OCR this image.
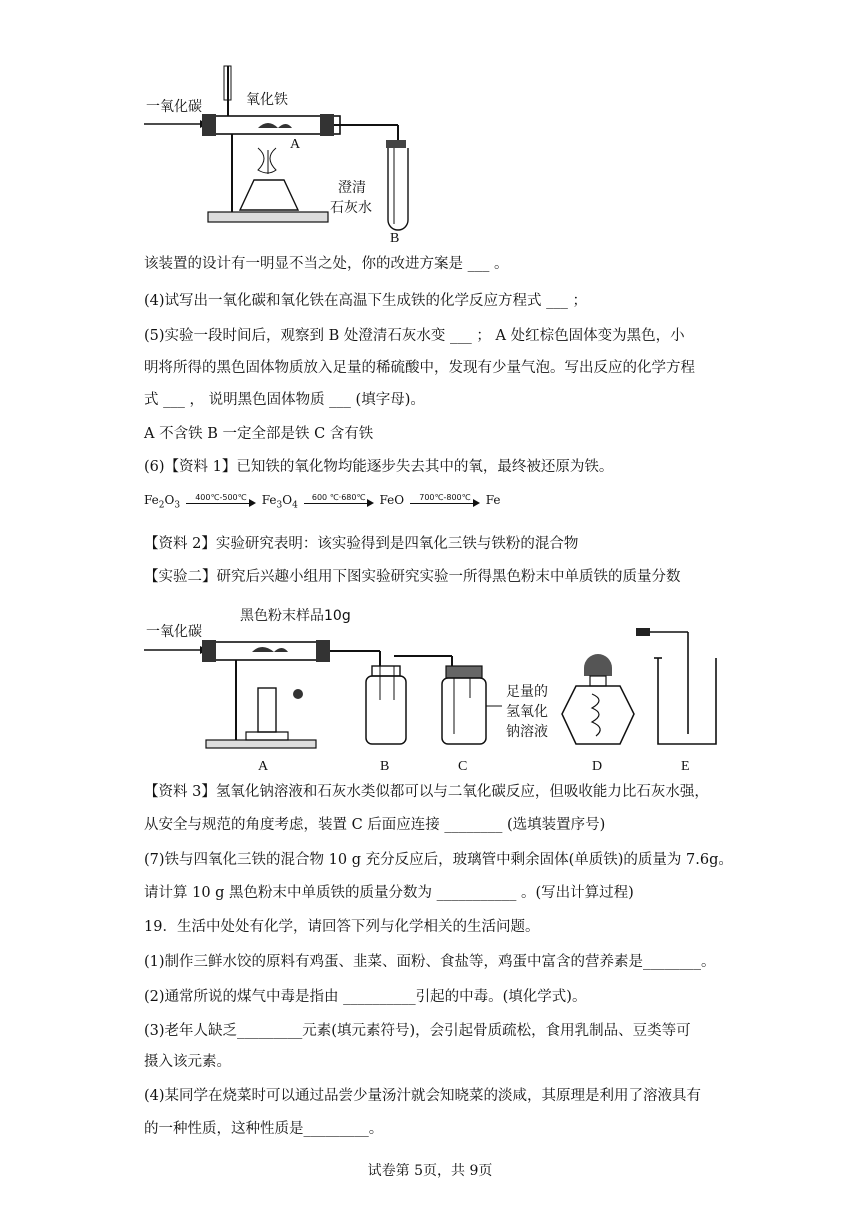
一氧化碳	氧化铁
A
澄清
石灰水
B
该装置的设计有一明显不当之处，你的改进方案是 ___ 。
(4)试写出一氧化碳和氧化铁在高温下生成铁的化学反应方程式 ___ ；
(5)实验一段时间后，观察到 B 处澄清石灰水变 ___ ； A 处红棕色固体变为黑色，小
明将所得的黑色固体物质放入足量的稀硫酸中，发现有少量气泡。写出反应的化学方程
式 ___ ， 说明黑色固体物质 ___ (填字母)。
A 不含铁 B 一定全部是铁 C 含有铁
(6)【资料 1】已知铁的氧化物均能逐步失去其中的氧，最终被还原为铁。
$Fe_2O_3$
400℃-500℃	$Fe_3O_4$
600 ℃·680℃	FeO	700℃-800℃	Fe
【资料 2】实验研究表明：该实验得到是四氧化三铁与铁粉的混合物
【实验二】研究后兴趣小组用下图实验研究实验一所得黑色粉末中单质铁的质量分数
一氧化碳
黑色粉末样品10g
A	B
足量的
氢氧化
钠溶液
C	D	E
【资料 3】氢氧化钠溶液和石灰水类似都可以与二氧化碳反应，但吸收能力比石灰水强，
从安全与规范的角度考虑，装置 C 后面应连接 ________ (选填装置序号)
(7)铁与四氧化三铁的混合物 10 g 充分反应后，玻璃管中剩余固体(单质铁)的质量为 7.6g。
请计算 10 g 黑色粉末中单质铁的质量分数为 ___________ 。(写出计算过程)
19．生活中处处有化学，请回答下列与化学相关的生活问题。
(1)制作三鲜水饺的原料有鸡蛋、韭菜、面粉、食盐等，鸡蛋中富含的营养素是________。
(2)通常所说的煤气中毒是指由 __________引起的中毒。(填化学式)。
(3)老年人缺乏_________元素(填元素符号)，会引起骨质疏松，食用乳制品、豆类等可
摄入该元素。
(4)某同学在烧菜时可以通过品尝少量汤汁就会知晓菜的淡咸，其原理是利用了溶液具有
的一种性质，这种性质是_________。
试卷第 5页，共 9页
